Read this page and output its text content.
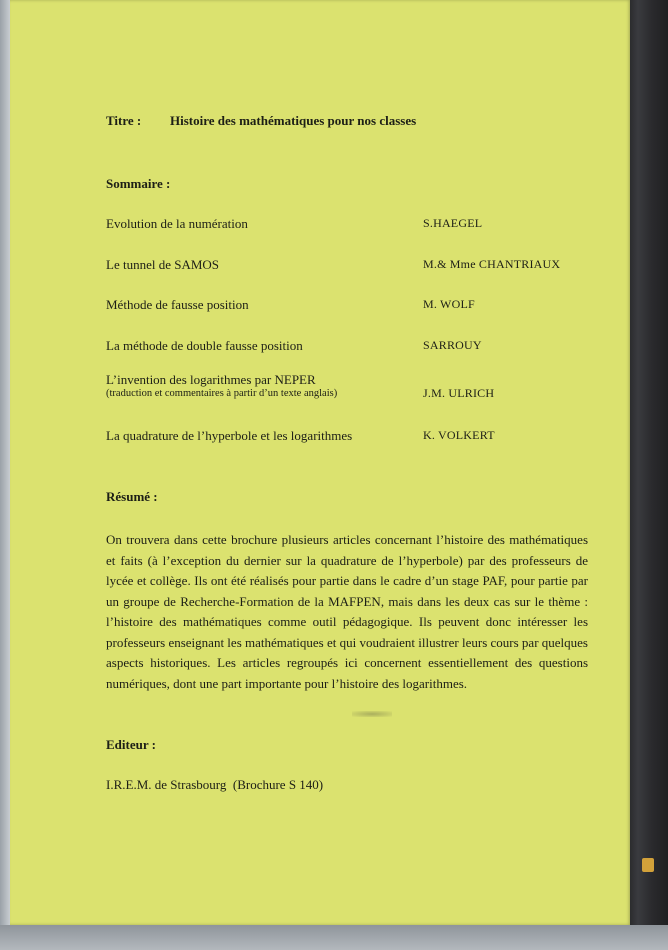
Titre : Histoire des mathématiques pour nos classes
Sommaire :
Evolution de la numération	S.HAEGEL
Le tunnel de SAMOS	M.& Mme CHANTRIAUX
Méthode de fausse position	M. WOLF
La méthode de double fausse position	SARROUY
L’invention des logarithmes par NEPER
(traduction et commentaires à partir d’un texte anglais)	J.M. ULRICH
La quadrature de l’hyperbole et les logarithmes	K. VOLKERT
Résumé :

On trouvera dans cette brochure plusieurs articles concernant l’histoire des mathématiques et faits (à l’exception du dernier sur la quadrature de l’hyperbole) par des professeurs de lycée et collège. Ils ont été réalisés pour partie dans le cadre d’un stage PAF, pour partie par un groupe de Recherche-Formation de la MAFPEN, mais dans les deux cas sur le thème : l’histoire des mathématiques comme outil pédagogique. Ils peuvent donc intéresser les professeurs enseignant les mathématiques et qui voudraient illustrer leurs cours par quelques aspects historiques. Les articles regroupés ici concernent essentiellement des questions numériques, dont une part importante pour l’histoire des logarithmes.

Editeur :
I.R.E.M. de Strasbourg  (Brochure S 140)
